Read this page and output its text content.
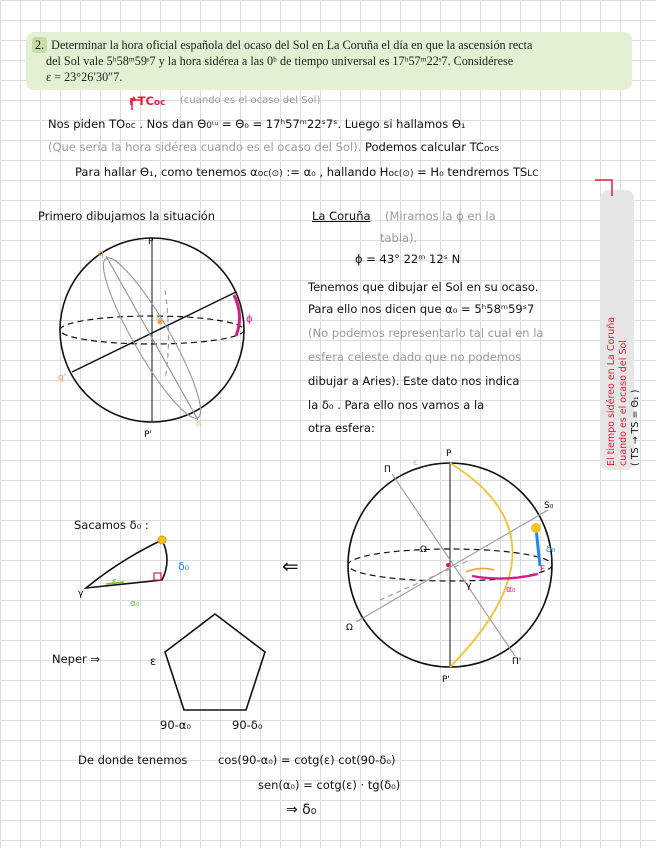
2. Determinar la hora oficial española del ocaso del Sol en La Coruña el día en que la ascensión recta
del Sol vale 5ʰ58ᵐ59ˢ7 y la hora sidérea a las 0ʰ de tiempo universal es 17ʰ57ᵐ22ˢ7. Considérese
ε = 23°26′30″7.
↱TCoc (cuando es el ocaso del Sol)
Nos piden TOoc . Nos dan Θ0ᵗᵘ = Θ₀ = 17ʰ57ᵐ22ˢ7ˢ. Luego si hallamos Θ₁
(Que sería la hora sidérea cuando es el ocaso del Sol). Podemos calcular TCocs
Para hallar Θ₁, como tenemos αoc(⊙) := α₀ , hallando Hoc(⊙) = H₀ tendremos TSLC
El tiempo sidéreo en La Coruña cuando es el ocaso del Sol ( TS → TS = Θ₁ )
Primero dibujamos la situación
Sacamos δ₀ :
Neper ⇒
90-α₀	90-δ₀
ε
La Coruña (Miramos la ϕ en la
tabla).
ϕ = 43° 22ᵐ 12ˢ N
Tenemos que dibujar el Sol en su ocaso.
Para ello nos dicen que α₀ = 5ʰ58ᵐ59ˢ7
(No podemos representarlo tal cual en la
esfera celeste dado que no podemos
dibujar a Aries). Este dato nos indica
la δ₀ . Para ello nos vamos a la
otra esfera:
⇐
De donde tenemos	cos(90-α₀) = cotg(ε) cot(90-δ₀)
sen(α₀) = cotg(ε) · tg(δ₀)
⇒ δ₀
P
P'
ϕ
q
q'
s
n
P
P'
Π
Π'
ε
Ω
γ
S₀
δ₀
α₀
F
Ω
δ₀
ε
α₀
γ
